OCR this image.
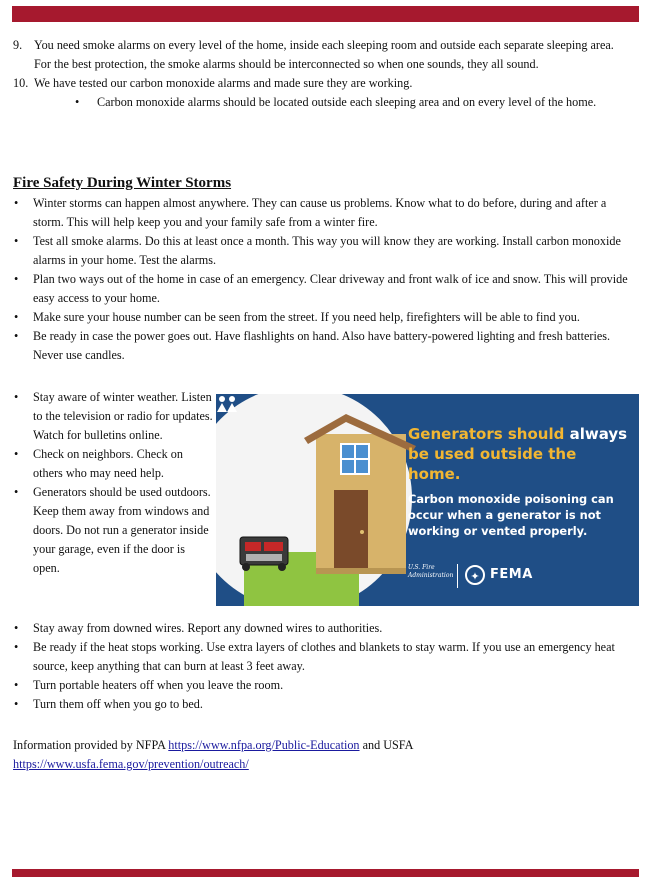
9. You need smoke alarms on every level of the home, inside each sleeping room and outside each separate sleeping area. For the best protection, the smoke alarms should be interconnected so when one sounds, they all sound.
10. We have tested our carbon monoxide alarms and made sure they are working.
• Carbon monoxide alarms should be located outside each sleeping area and on every level of the home.
Fire Safety During Winter Storms
• Winter storms can happen almost anywhere. They can cause us problems. Know what to do before, during and after a storm. This will help keep you and your family safe from a winter fire.
• Test all smoke alarms. Do this at least once a month. This way you will know they are working. Install carbon monoxide alarms in your home. Test the alarms.
• Plan two ways out of the home in case of an emergency. Clear driveway and front walk of ice and snow. This will provide easy access to your home.
• Make sure your house number can be seen from the street. If you need help, firefighters will be able to find you.
• Be ready in case the power goes out. Have flashlights on hand. Also have battery-powered lighting and fresh batteries. Never use candles.
• Stay aware of winter weather. Listen to the television or radio for updates. Watch for bulletins online.
• Check on neighbors. Check on others who may need help.
• Generators should be used outdoors. Keep them away from windows and doors. Do not run a generator inside your garage, even if the door is open.
Generators should always be used outside the home.
Carbon monoxide poisoning can occur when a generator is not working or vented properly.
U.S. Fire
Administration	✦ FEMA
• Stay away from downed wires. Report any downed wires to authorities.
• Be ready if the heat stops working. Use extra layers of clothes and blankets to stay warm. If you use an emergency heat source, keep anything that can burn at least 3 feet away.
• Turn portable heaters off when you leave the room.
• Turn them off when you go to bed.

Information provided by NFPA https://www.nfpa.org/Public-Education and USFA https://www.usfa.fema.gov/prevention/outreach/
